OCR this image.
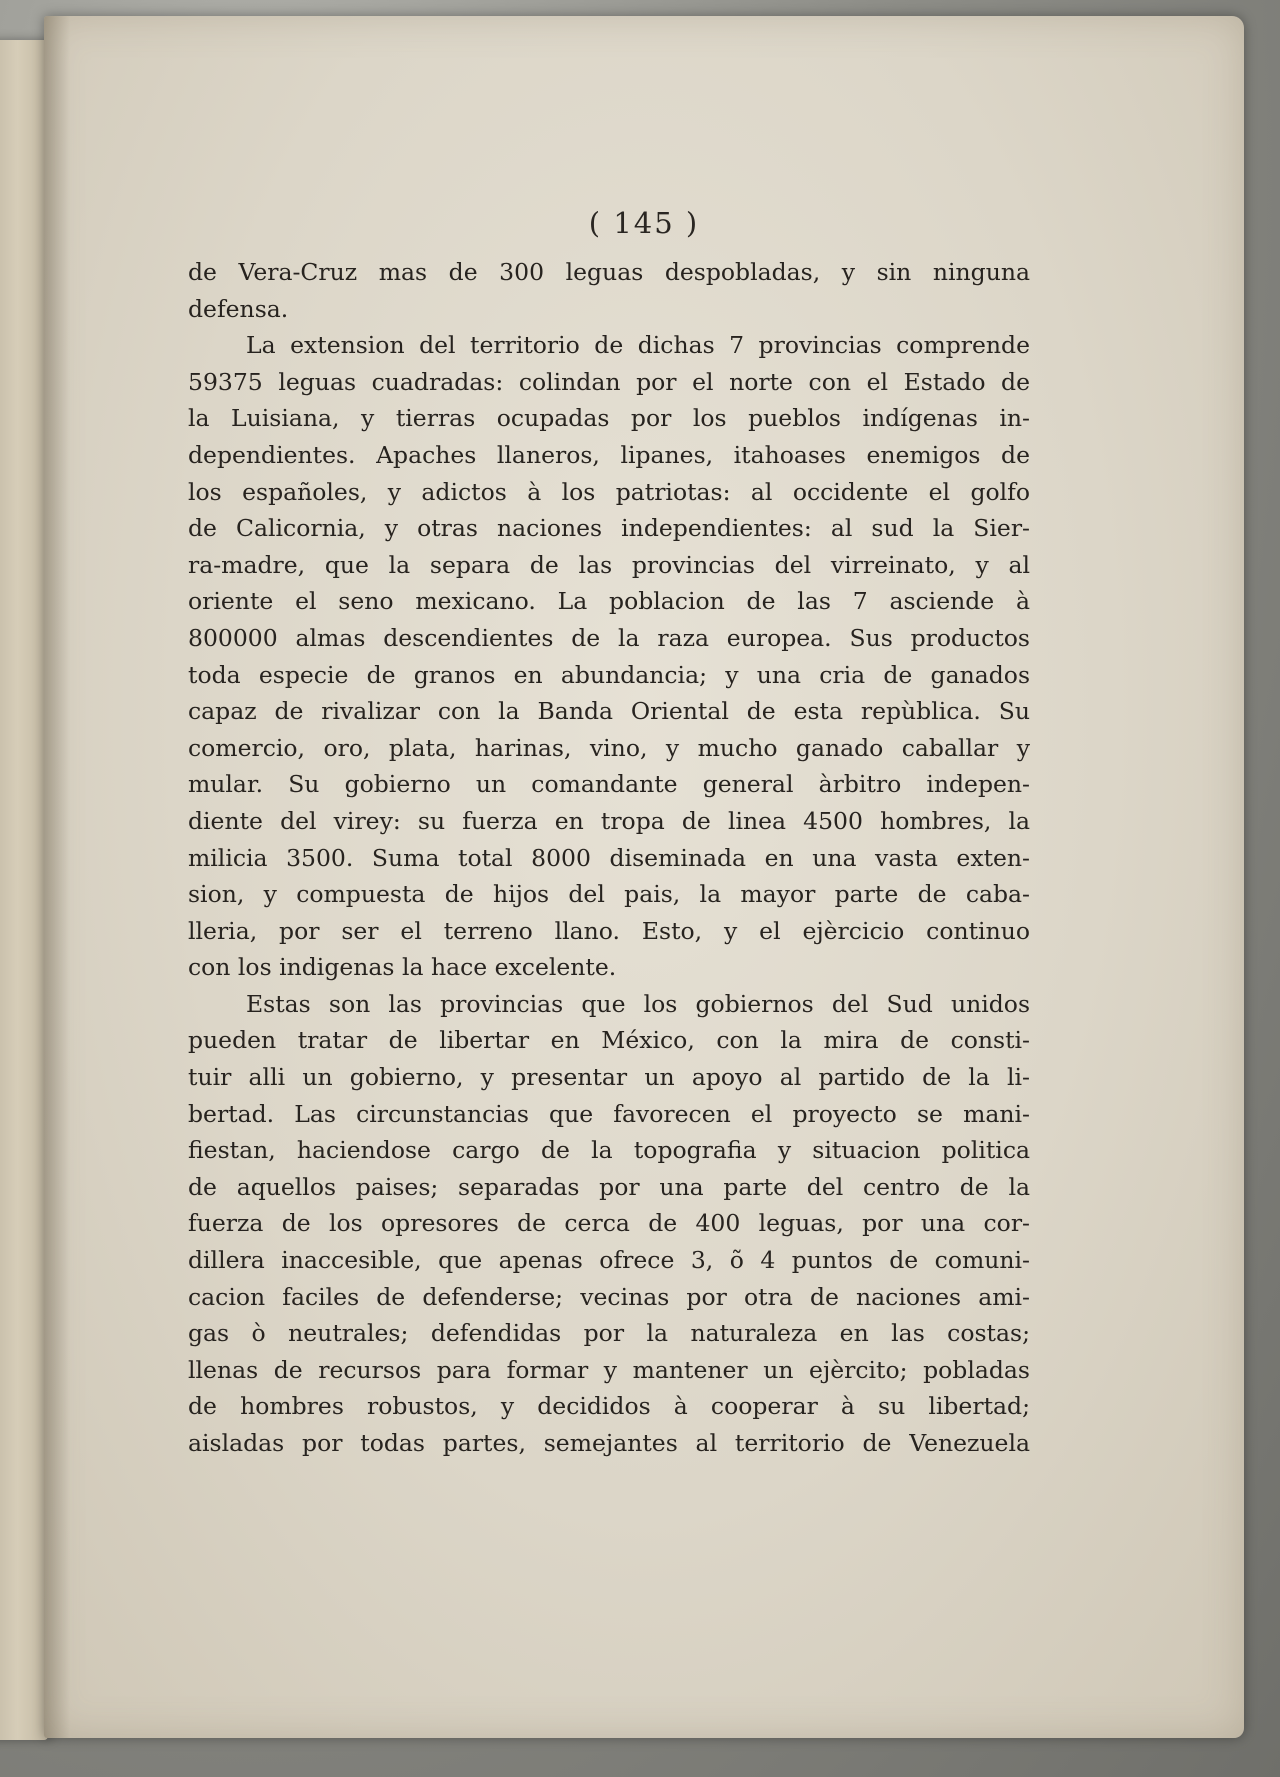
( 145 )

de Vera-Cruz mas de 300 leguas despobladas, y sin ninguna
defensa.
La extension del territorio de dichas 7 provincias comprende
59375 leguas cuadradas: colindan por el norte con el Estado de
la Luisiana, y tierras ocupadas por los pueblos indígenas in-
dependientes. Apaches llaneros, lipanes, itahoases enemigos de
los españoles, y adictos à los patriotas: al occidente el golfo
de Calicornia, y otras naciones independientes: al sud la Sier-
ra-madre, que la separa de las provincias del virreinato, y al
oriente el seno mexicano. La poblacion de las 7 asciende à
800000 almas descendientes de la raza europea. Sus productos
toda especie de granos en abundancia; y una cria de ganados
capaz de rivalizar con la Banda Oriental de esta repùblica. Su
comercio, oro, plata, harinas, vino, y mucho ganado caballar y
mular. Su gobierno un comandante general àrbitro indepen-
diente del virey: su fuerza en tropa de linea 4500 hombres, la
milicia 3500. Suma total 8000 diseminada en una vasta exten-
sion, y compuesta de hijos del pais, la mayor parte de caba-
lleria, por ser el terreno llano. Esto, y el ejèrcicio continuo
con los indigenas la hace excelente.
Estas son las provincias que los gobiernos del Sud unidos
pueden tratar de libertar en México, con la mira de consti-
tuir alli un gobierno, y presentar un apoyo al partido de la li-
bertad. Las circunstancias que favorecen el proyecto se mani-
fiestan, haciendose cargo de la topografia y situacion politica
de aquellos paises; separadas por una parte del centro de la
fuerza de los opresores de cerca de 400 leguas, por una cor-
dillera inaccesible, que apenas ofrece 3, õ 4 puntos de comuni-
cacion faciles de defenderse; vecinas por otra de naciones ami-
gas ò neutrales; defendidas por la naturaleza en las costas;
llenas de recursos para formar y mantener un ejèrcito; pobladas
de hombres robustos, y decididos à cooperar à su libertad;
aisladas por todas partes, semejantes al territorio de Venezuela
